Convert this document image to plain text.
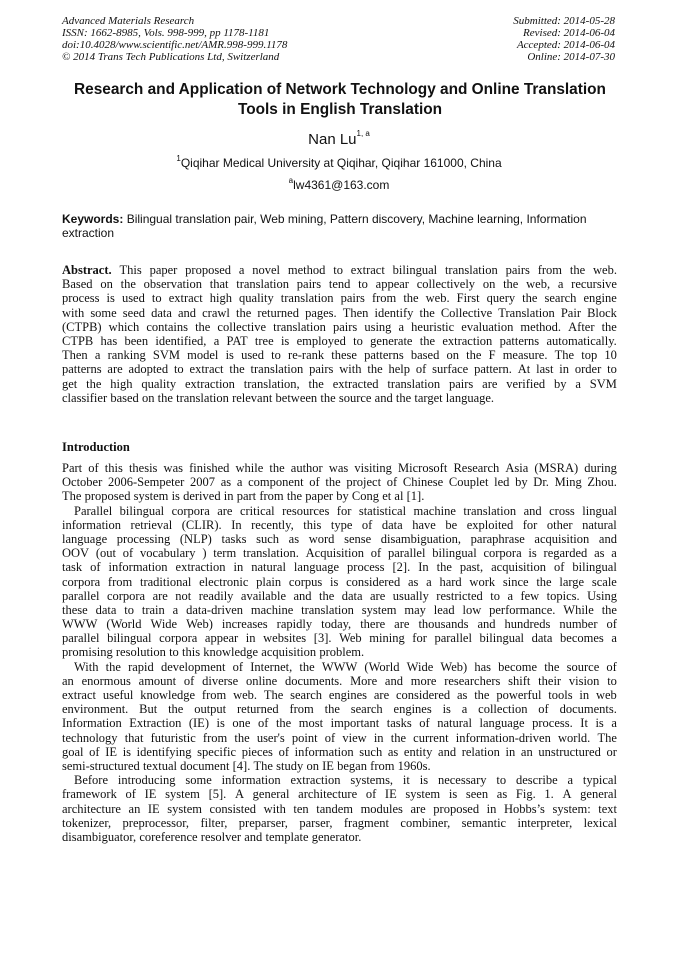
Advanced Materials Research
ISSN: 1662-8985, Vols. 998-999, pp 1178-1181
doi:10.4028/www.scientific.net/AMR.998-999.1178
© 2014 Trans Tech Publications Ltd, Switzerland
Submitted: 2014-05-28
Revised: 2014-06-04
Accepted: 2014-06-04
Online: 2014-07-30
Research and Application of Network Technology and Online Translation
Tools in English Translation
Nan Lu$^{1, a}$
$^1$Qiqihar Medical University at Qiqihar, Qiqihar 161000, China
$^a$lw4361@163.com
Keywords: Bilingual translation pair, Web mining, Pattern discovery, Machine learning, Information
extraction
Abstract. This paper proposed a novel method to extract bilingual translation pairs from the web.
Based on the observation that translation pairs tend to appear collectively on the web, a recursive
process is used to extract high quality translation pairs from the web. First query the search engine
with some seed data and crawl the returned pages. Then identify the Collective Translation Pair Block
(CTPB) which contains the collective translation pairs using a heuristic evaluation method. After the
CTPB has been identified, a PAT tree is employed to generate the extraction patterns automatically.
Then a ranking SVM model is used to re-rank these patterns based on the F measure. The top 10
patterns are adopted to extract the translation pairs with the help of surface pattern. At last in order to
get the high quality extraction translation, the extracted translation pairs are verified by a SVM
classifier based on the translation relevant between the source and the target language.
Introduction
Part of this thesis was finished while the author was visiting Microsoft Research Asia (MSRA) during
October 2006-Sempeter 2007 as a component of the project of Chinese Couplet led by Dr. Ming Zhou.
The proposed system is derived in part from the paper by Cong et al [1].
Parallel bilingual corpora are critical resources for statistical machine translation and cross lingual
information retrieval (CLIR). In recently, this type of data have be exploited for other natural
language processing (NLP) tasks such as word sense disambiguation, paraphrase acquisition and
OOV (out of vocabulary ) term translation. Acquisition of parallel bilingual corpora is regarded as a
task of information extraction in natural language process [2]. In the past, acquisition of bilingual
corpora from traditional electronic plain corpus is considered as a hard work since the large scale
parallel corpora are not readily available and the data are usually restricted to a few topics. Using
these data to train a data-driven machine translation system may lead low performance. While the
WWW (World Wide Web) increases rapidly today, there are thousands and hundreds number of
parallel bilingual corpora appear in websites [3]. Web mining for parallel bilingual data becomes a
promising resolution to this knowledge acquisition problem.
With the rapid development of Internet, the WWW (World Wide Web) has become the source of
an enormous amount of diverse online documents. More and more researchers shift their vision to
extract useful knowledge from web. The search engines are considered as the powerful tools in web
environment. But the output returned from the search engines is a collection of documents.
Information Extraction (IE) is one of the most important tasks of natural language process. It is a
technology that futuristic from the user's point of view in the current information-driven world. The
goal of IE is identifying specific pieces of information such as entity and relation in an unstructured or
semi-structured textual document [4]. The study on IE began from 1960s.
Before introducing some information extraction systems, it is necessary to describe a typical
framework of IE system [5]. A general architecture of IE system is seen as Fig. 1. A general
architecture an IE system consisted with ten tandem modules are proposed in Hobbs’s system: text
tokenizer, preprocessor, filter, preparser, parser, fragment combiner, semantic interpreter, lexical
disambiguator, coreference resolver and template generator.
